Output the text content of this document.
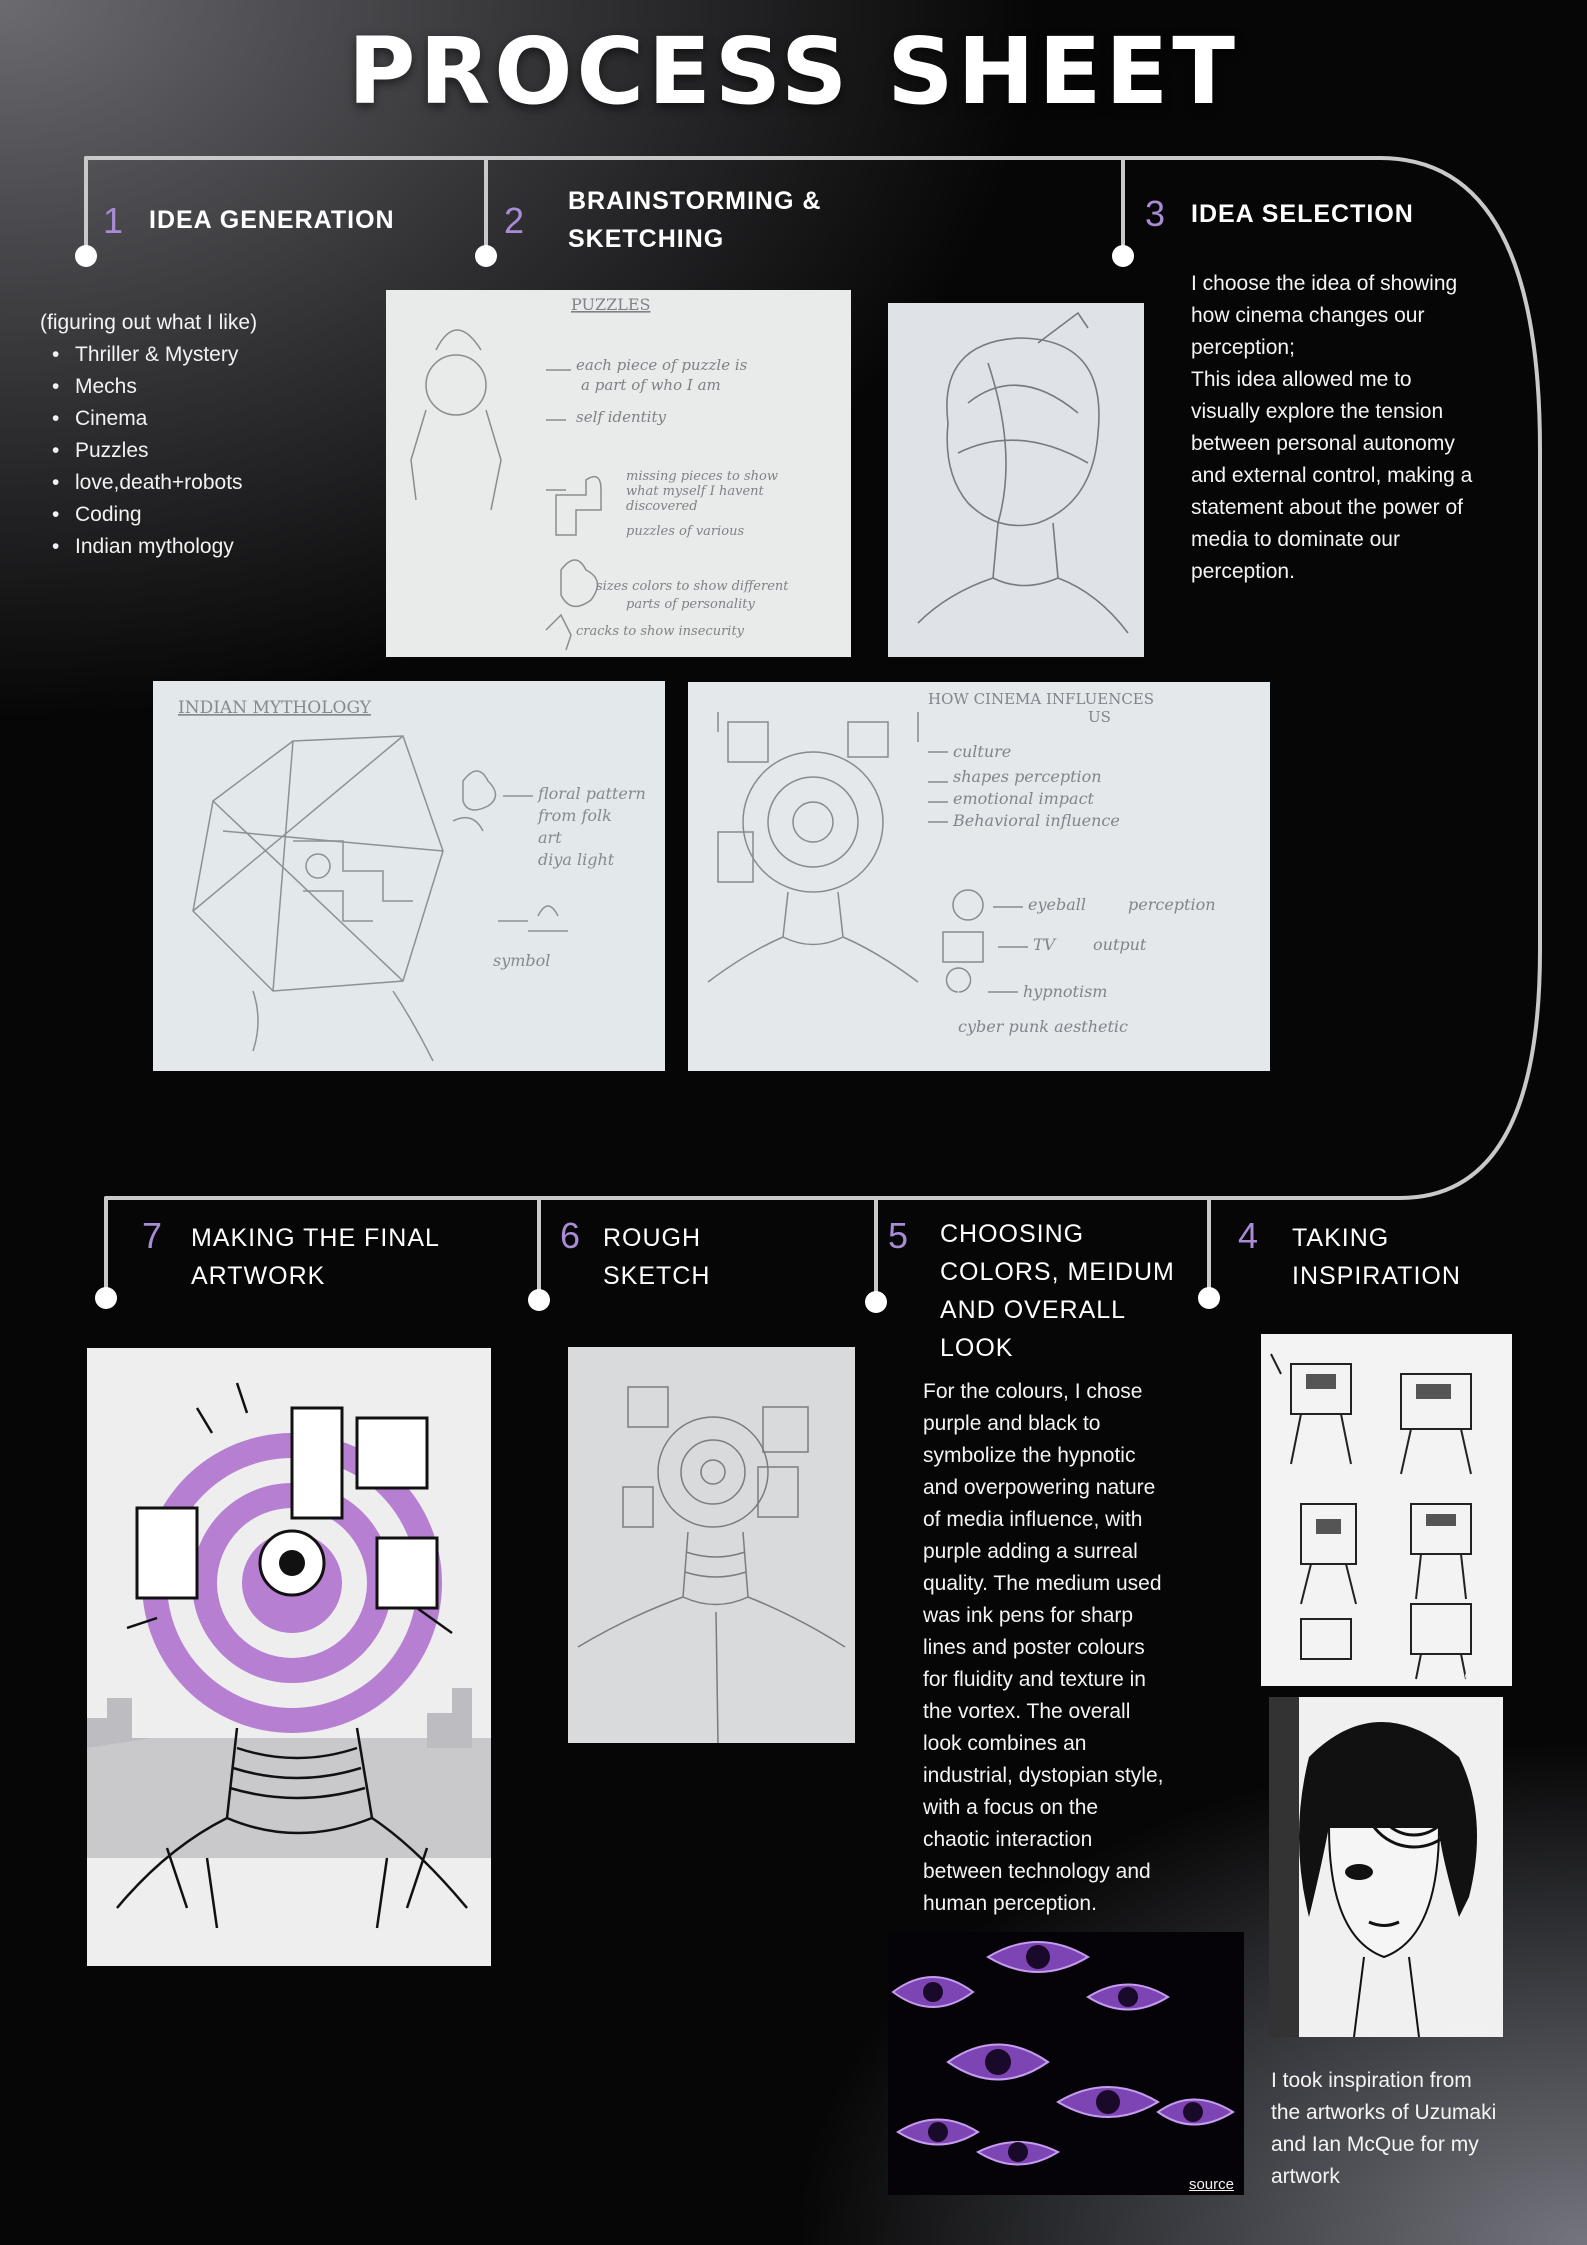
PROCESS SHEET
1 IDEA GENERATION
(figuring out what I like)
• Thriller & Mystery
• Mechs
• Cinema
• Puzzles
• love,death+robots
• Coding
• Indian mythology
2 BRAINSTORMING &
SKETCHING
3 IDEA SELECTION
I choose the idea of showing
how cinema changes our
perception;
This idea allowed me to
visually explore the tension
between personal autonomy
and external control, making a
statement about the power of
media to dominate our
perception.
PUZZLES
each piece of puzzle is
a part of who I am
self identity
missing pieces to show
what myself I havent
discovered
puzzles of various
sizes colors to show different
parts of personality
cracks to show insecurity
INDIAN MYTHOLOGY
floral pattern
from folk
art
diya light
symbol
HOW CINEMA INFLUENCES
US
culture
shapes perception
emotional impact
Behavioral influence
eyeball	perception
TV output
hypnotism
cyber punk aesthetic
7 MAKING THE FINAL
ARTWORK
6 ROUGH
SKETCH
5 CHOOSING
COLORS, MEIDUM
AND OVERALL
LOOK
For the colours, I chose
purple and black to
symbolize the hypnotic
and overpowering nature
of media influence, with
purple adding a surreal
quality. The medium used
was ink pens for sharp
lines and poster colours
for fluidity and texture in
the vortex. The overall
look combines an
industrial, dystopian style,
with a focus on the
chaotic interaction
between technology and
human perception.
4 TAKING
INSPIRATION
I took inspiration from
the artworks of Uzumaki
and Ian McQue for my
artwork
source
source
source
